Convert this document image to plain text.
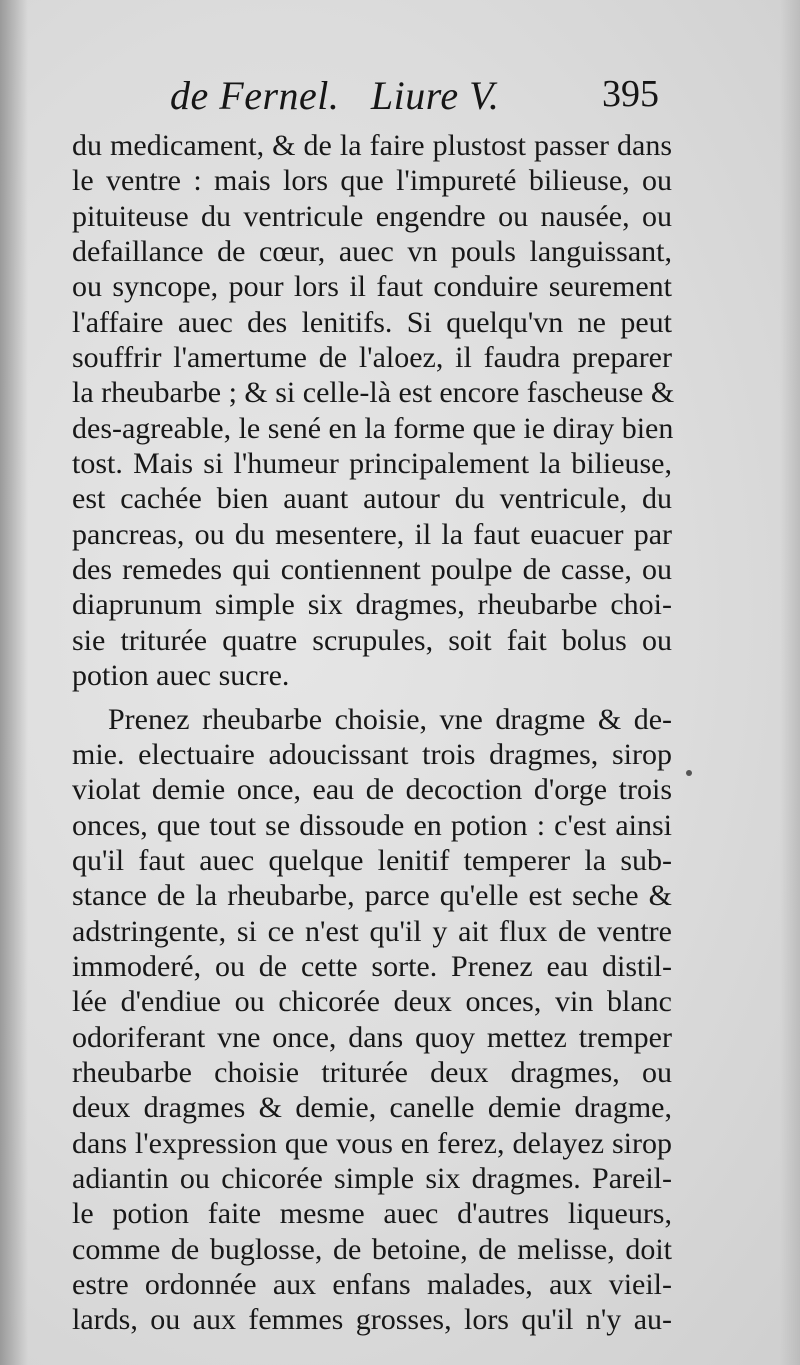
de Fernel.   Liure V.	395
du medicament, & de la faire plustost passer dans
le ventre : mais lors que l'impureté bilieuse, ou
pituiteuse du ventricule engendre ou nausée, ou
defaillance de cœur, auec vn pouls languissant,
ou syncope, pour lors il faut conduire seurement
l'affaire auec des lenitifs. Si quelqu'vn ne peut
souffrir l'amertume de l'aloez, il faudra preparer
la rheubarbe ; & si celle-là est encore fascheuse &
des-agreable, le sené en la forme que ie diray bien
tost. Mais si l'humeur principalement la bilieuse,
est cachée bien auant autour du ventricule, du
pancreas, ou du mesentere, il la faut euacuer par
des remedes qui contiennent poulpe de casse, ou
diaprunum simple six dragmes, rheubarbe choi-
sie triturée quatre scrupules, soit fait bolus ou
potion auec sucre.
Prenez rheubarbe choisie, vne dragme & de-
mie. electuaire adoucissant trois dragmes, sirop
violat demie once, eau de decoction d'orge trois
onces, que tout se dissoude en potion : c'est ainsi
qu'il faut auec quelque lenitif temperer la sub-
stance de la rheubarbe, parce qu'elle est seche &
adstringente, si ce n'est qu'il y ait flux de ventre
immoderé, ou de cette sorte. Prenez eau distil-
lée d'endiue ou chicorée deux onces, vin blanc
odoriferant vne once, dans quoy mettez tremper
rheubarbe choisie triturée deux dragmes, ou
deux dragmes & demie, canelle demie dragme,
dans l'expression que vous en ferez, delayez sirop
adiantin ou chicorée simple six dragmes. Pareil-
le potion faite mesme auec d'autres liqueurs,
comme de buglosse, de betoine, de melisse, doit
estre ordonnée aux enfans malades, aux vieil-
lards, ou aux femmes grosses, lors qu'il n'y au-
